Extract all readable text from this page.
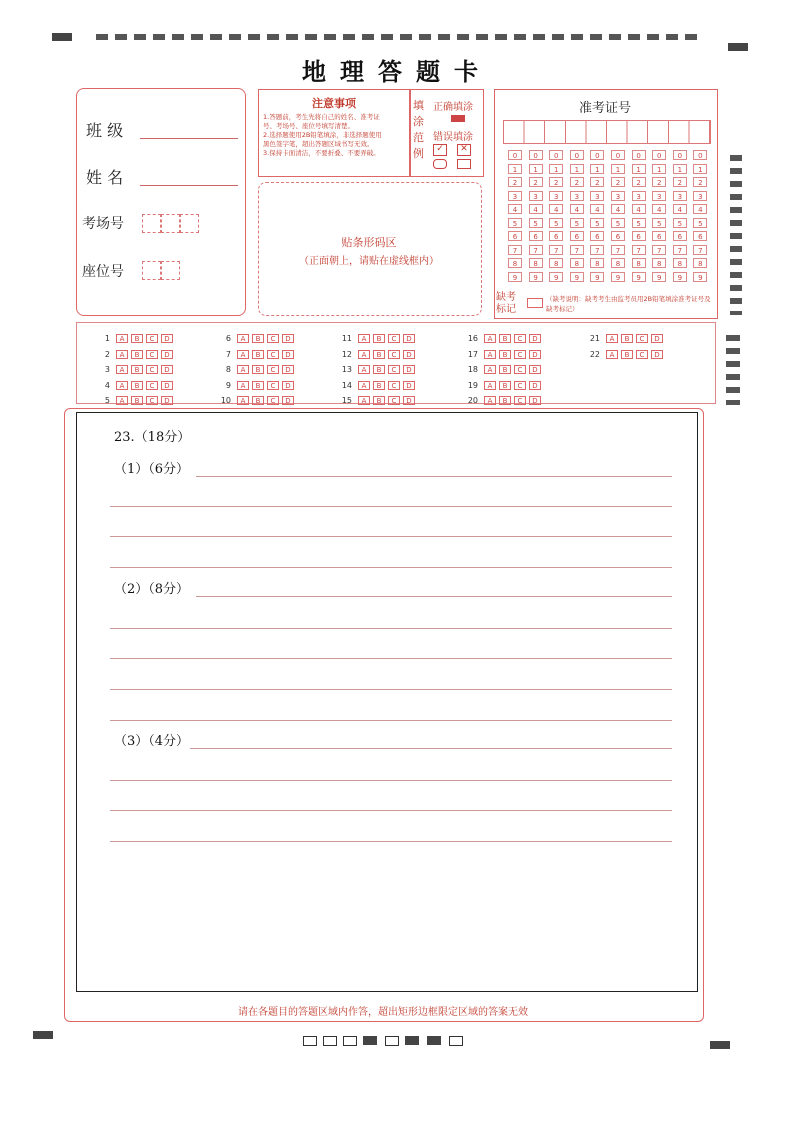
地理答题卡
班 级
姓 名
考场号
座位号
注意事项
1.答题前，考生先将自己的姓名、准考证
号、考场号、座位号填写清楚。
2.选择题使用2B铅笔填涂，非选择题使用
黑色签字笔，超出答题区域书写无效。
3.保持卡面清洁，不要折叠、不要弄破。
填涂范例
正确填涂
错误填涂
✓	✕
贴条形码区
（正面朝上，请贴在虚线框内）
准考证号
0
1
2
3
4
5
6
7
8
9
0
1
2
3
4
5
6
7
8
9
0
1
2
3
4
5
6
7
8
9
0
1
2
3
4
5
6
7
8
9
0
1
2
3
4
5
6
7
8
9
0
1
2
3
4
5
6
7
8
9
0
1
2
3
4
5
6
7
8
9
0
1
2
3
4
5
6
7
8
9
0
1
2
3
4
5
6
7
8
9
0
1
2
3
4
5
6
7
8
9
缺考标记
（缺考说明：缺考考生由监考员用2B铅笔填涂准考证号及缺考标记）
1 A B C D
2 A B C D
3 A B C D
4 A B C D
5 A B C D
6 A B C D
7 A B C D
8 A B C D
9 A B C D
10 A B C D
11 A B C D
12 A B C D
13 A B C D
14 A B C D
15 A B C D
16 A B C D
17 A B C D
18 A B C D
19 A B C D
20 A B C D
21 A B C D
22 A B C D
23.（18分）
（1）（6分）
（2）（8分）
（3）（4分）
请在各题目的答题区域内作答，超出矩形边框限定区域的答案无效
